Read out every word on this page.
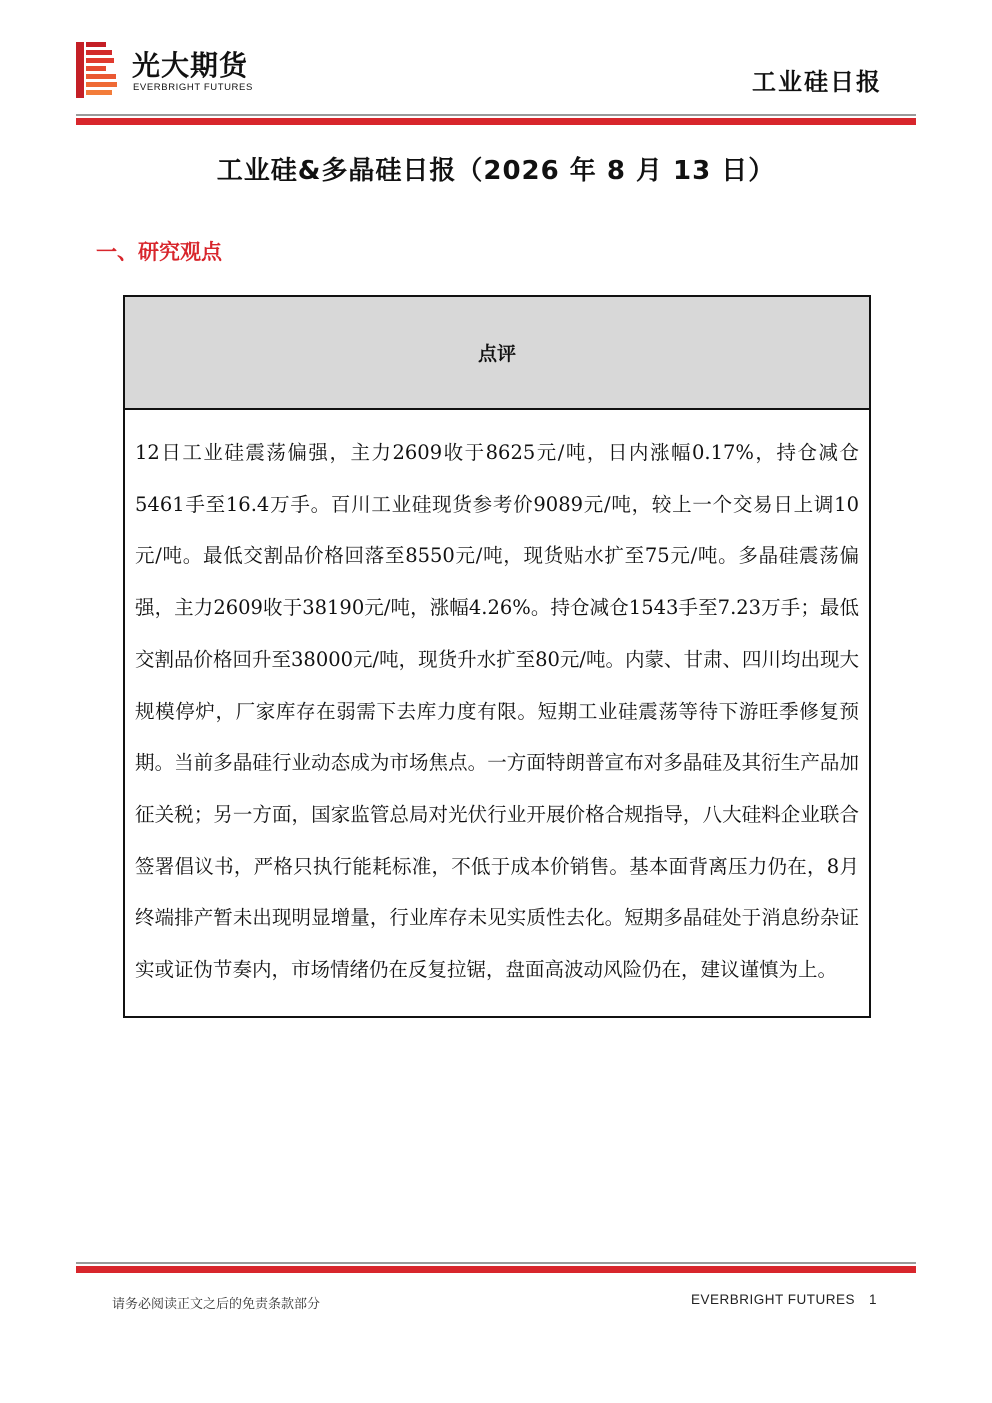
光大期货
EVERBRIGHT FUTURES	工业硅日报
工业硅&多晶硅日报（2026 年 8 月 13 日）
一、研究观点
点评
12日工业硅震荡偏强，主力2609收于8625元/吨，日内涨幅0.17%，持仓减仓5461手至16.4万手。百川工业硅现货参考价9089元/吨，较上一个交易日上调10元/吨。最低交割品价格回落至8550元/吨，现货贴水扩至75元/吨。多晶硅震荡偏强，主力2609收于38190元/吨，涨幅4.26%。持仓减仓1543手至7.23万手；最低交割品价格回升至38000元/吨，现货升水扩至80元/吨。内蒙、甘肃、四川均出现大规模停炉，厂家库存在弱需下去库力度有限。短期工业硅震荡等待下游旺季修复预期。当前多晶硅行业动态成为市场焦点。一方面特朗普宣布对多晶硅及其衍生产品加征关税；另一方面，国家监管总局对光伏行业开展价格合规指导，八大硅料企业联合签署倡议书，严格只执行能耗标准，不低于成本价销售。基本面背离压力仍在，8月终端排产暂未出现明显增量，行业库存未见实质性去化。短期多晶硅处于消息纷杂证实或证伪节奏内，市场情绪仍在反复拉锯，盘面高波动风险仍在，建议谨慎为上。
请务必阅读正文之后的免责条款部分	EVERBRIGHT FUTURES 1
